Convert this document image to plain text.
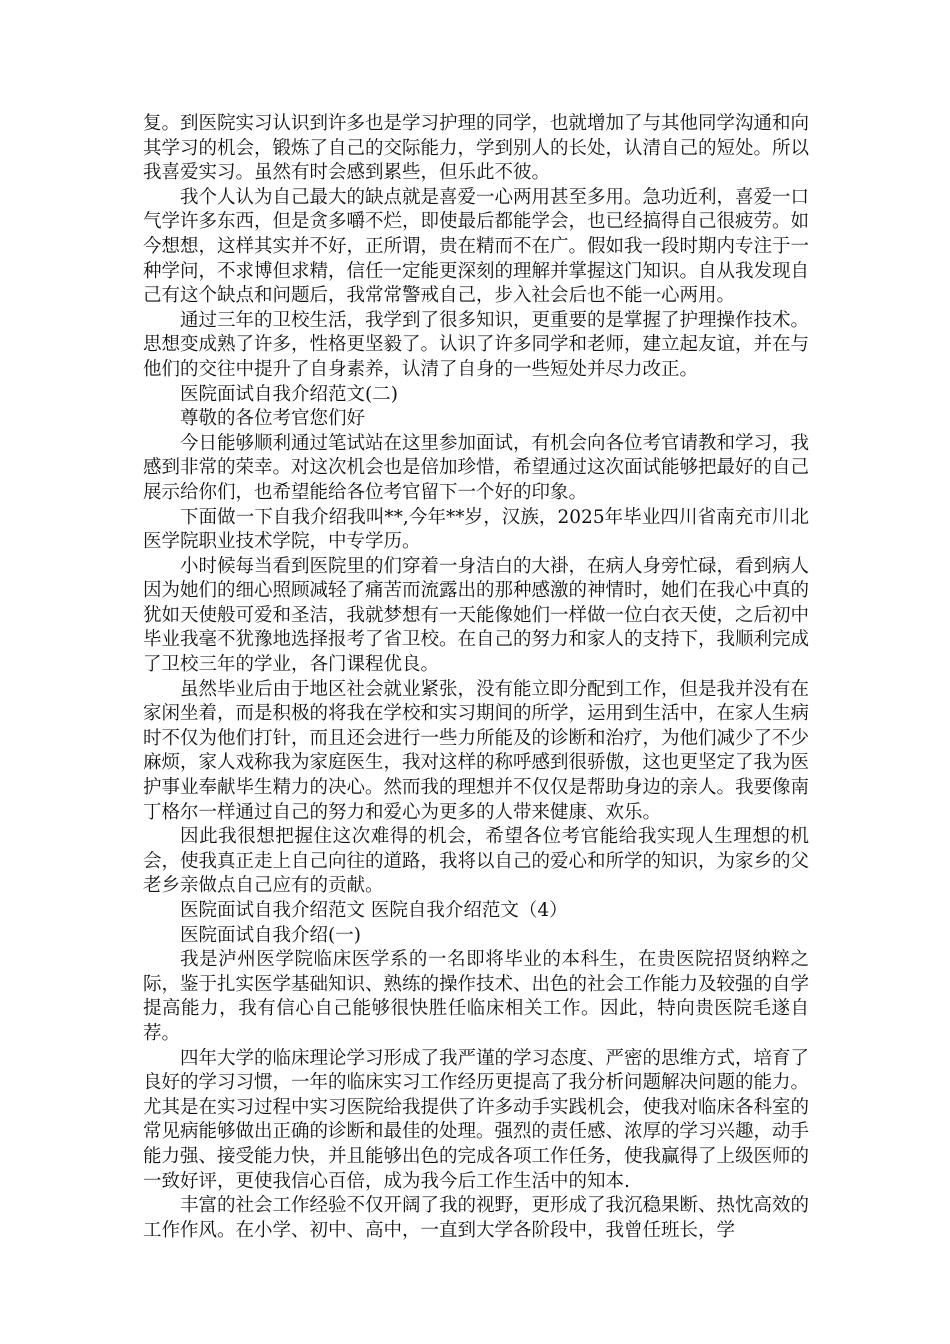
复。到医院实习认识到许多也是学习护理的同学，也就增加了与其他同学沟通和向其学习的机会，锻炼了自己的交际能力，学到别人的长处，认清自己的短处。所以我喜爱实习。虽然有时会感到累些，但乐此不彼。

我个人认为自己最大的缺点就是喜爱一心两用甚至多用。急功近利，喜爱一口气学许多东西，但是贪多嚼不烂，即使最后都能学会，也已经搞得自己很疲劳。如今想想，这样其实并不好，正所谓，贵在精而不在广。假如我一段时期内专注于一种学问，不求博但求精，信任一定能更深刻的理解并掌握这门知识。自从我发现自己有这个缺点和问题后，我常常警戒自己，步入社会后也不能一心两用。

通过三年的卫校生活，我学到了很多知识，更重要的是掌握了护理操作技术。思想变成熟了许多，性格更坚毅了。认识了许多同学和老师，建立起友谊，并在与他们的交往中提升了自身素养，认清了自身的一些短处并尽力改正。

医院面试自我介绍范文(二)

尊敬的各位考官您们好

今日能够顺利通过笔试站在这里参加面试，有机会向各位考官请教和学习，我感到非常的荣幸。对这次机会也是倍加珍惜，希望通过这次面试能够把最好的自己展示给你们，也希望能给各位考官留下一个好的印象。

下面做一下自我介绍我叫**,今年**岁，汉族，2025年毕业四川省南充市川北医学院职业技术学院，中专学历。

小时候每当看到医院里的们穿着一身洁白的大褂，在病人身旁忙碌，看到病人因为她们的细心照顾减轻了痛苦而流露出的那种感激的神情时，她们在我心中真的犹如天使般可爱和圣洁，我就梦想有一天能像她们一样做一位白衣天使，之后初中毕业我毫不犹豫地选择报考了省卫校。在自己的努力和家人的支持下，我顺利完成了卫校三年的学业，各门课程优良。

虽然毕业后由于地区社会就业紧张，没有能立即分配到工作，但是我并没有在家闲坐着，而是积极的将我在学校和实习期间的所学，运用到生活中，在家人生病时不仅为他们打针，而且还会进行一些力所能及的诊断和治疗，为他们减少了不少麻烦，家人戏称我为家庭医生，我对这样的称呼感到很骄傲，这也更坚定了我为医护事业奉献毕生精力的决心。然而我的理想并不仅仅是帮助身边的亲人。我要像南丁格尔一样通过自己的努力和爱心为更多的人带来健康、欢乐。

因此我很想把握住这次难得的机会，希望各位考官能给我实现人生理想的机会，使我真正走上自己向往的道路，我将以自己的爱心和所学的知识，为家乡的父老乡亲做点自己应有的贡献。

医院面试自我介绍范文 医院自我介绍范文（4）

医院面试自我介绍(一)

我是泸州医学院临床医学系的一名即将毕业的本科生，在贵医院招贤纳粹之际，鉴于扎实医学基础知识、熟练的操作技术、出色的社会工作能力及较强的自学提高能力，我有信心自己能够很快胜任临床相关工作。因此，特向贵医院毛遂自荐。

四年大学的临床理论学习形成了我严谨的学习态度、严密的思维方式，培育了良好的学习习惯，一年的临床实习工作经历更提高了我分析问题解决问题的能力。尤其是在实习过程中实习医院给我提供了许多动手实践机会，使我对临床各科室的常见病能够做出正确的诊断和最佳的处理。强烈的责任感、浓厚的学习兴趣，动手能力强、接受能力快，并且能够出色的完成各项工作任务，使我赢得了上级医师的一致好评，更使我信心百倍，成为我今后工作生活中的知本.

丰富的社会工作经验不仅开阔了我的视野，更形成了我沉稳果断、热忱高效的工作作风。在小学、初中、高中，一直到大学各阶段中，我曾任班长，学
